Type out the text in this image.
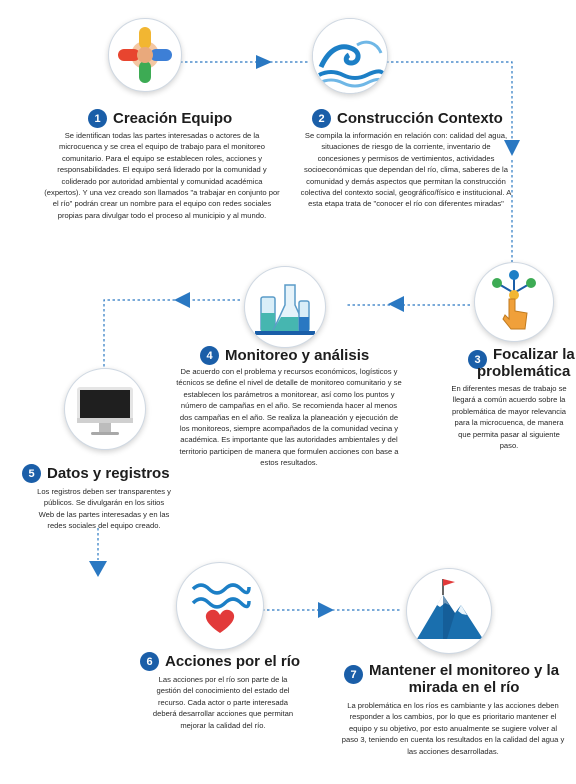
1 Creación Equipo

Se identifican todas las partes interesadas o actores de la microcuenca y se crea el equipo de trabajo para el monitoreo comunitario. Para el equipo se establecen roles, acciones y responsabilidades. El equipo será liderado por la comunidad y coliderado por autoridad ambiental y comunidad académica (expertos). Y una vez creado son llamados "a trabajar en conjunto por el río" podrán crear un nombre para el equipo con redes sociales propias para divulgar todo el proceso al municipio y al mundo.

2 Construcción Contexto

Se compila la información en relación con: calidad del agua, situaciones de riesgo de la corriente, inventario de concesiones y permisos de vertimientos, actividades socioeconómicas que dependan del río, clima, saberes de la comunidad y demás aspectos que permitan la construcción colectiva del contexto social, geográfico/físico e institucional. A esta etapa trata de "conocer el río con diferentes miradas"

3 Focalizar la
problemática

En diferentes mesas de trabajo se llegará a común acuerdo sobre la problemática de mayor relevancia para la microcuenca, de manera que permita pasar al siguiente paso.

4 Monitoreo y análisis

De acuerdo con el problema y recursos económicos, logísticos y técnicos se define el nivel de detalle de monitoreo comunitario y se establecen los parámetros a monitorear, así como los puntos y número de campañas en el año. Se recomienda hacer al menos dos campañas en el año. Se realiza la planeación y ejecución de los monitoreos, siempre acompañados de la comunidad vecina y académica. Es importante que las autoridades ambientales y del territorio participen de manera que formulen acciones con base a estos resultados.

5 Datos y registros

Los registros deben ser transparentes y públicos. Se divulgarán en los sitios Web de las partes interesadas y en las redes sociales del equipo creado.

6 Acciones por el río

Las acciones por el río son parte de la gestión del conocimiento del estado del recurso. Cada actor o parte interesada deberá desarrollar acciones que permitan mejorar la calidad del río.

7 Mantener el monitoreo y la
mirada en el río

La problemática en los ríos es cambiante y las acciones deben responder a los cambios, por lo que es prioritario mantener el equipo y su objetivo, por esto anualmente se sugiere volver al paso 3, teniendo en cuenta los resultados en la calidad del agua y las acciones desarrolladas.
